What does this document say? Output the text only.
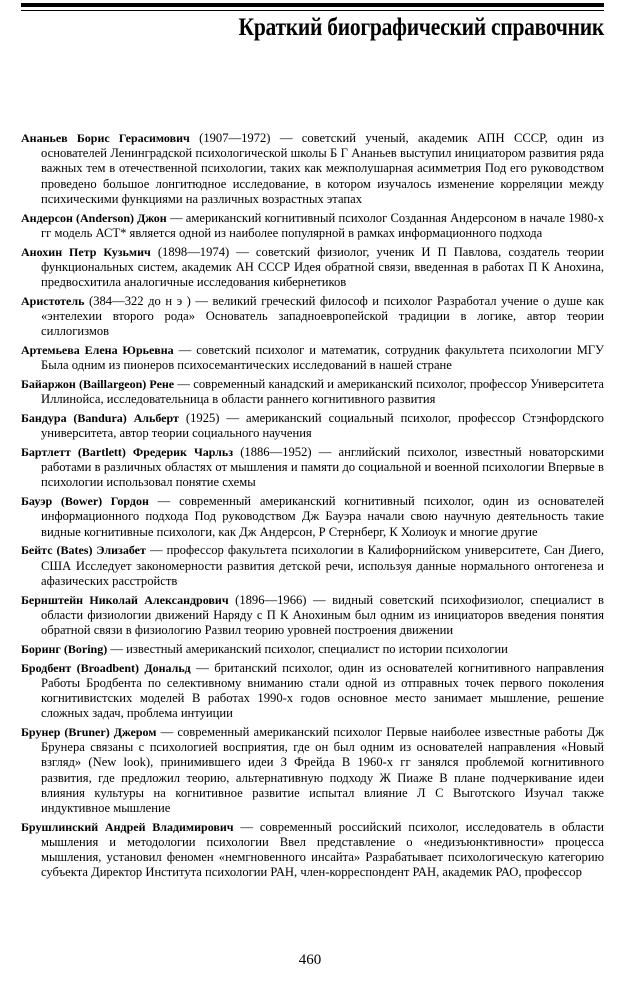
Краткий биографический справочник

Ананьев Борис Герасимович (1907—1972) — советский ученый, академик АПН СССР, один из основателей Ленинградской психологической школы Б Г Ананьев выступил инициатором развития ряда важных тем в отечественной психологии, таких как межполушарная асимметрия Под его руководством проведено большое лонгитюдное исследование, в котором изучалось изменение корреляции между психическими функциями на различных возрастных этапах

Андерсон (Anderson) Джон — американский когнитивный психолог Созданная Андерсоном в начале 1980-х гг модель АСТ* является одной из наиболее популярной в рамках информационного подхода

Анохин Петр Кузьмич (1898—1974) — советский физиолог, ученик И П Павлова, создатель теории функциональных систем, академик АН СССР Идея обратной связи, введенная в работах П К Анохина, предвосхитила аналогичные исследования кибернетиков

Аристотель (384—322 до н э ) — великий греческий философ и психолог Разработал учение о душе как «энтелехии второго рода» Основатель западноевропейской традиции в логике, автор теории силлогизмов

Артемьева Елена Юрьевна — советский психолог и математик, сотрудник факультета психологии МГУ Была одним из пионеров психосемантических исследований в нашей стране

Байаржон (Baillargeon) Рене — современный канадский и американский психолог, профессор Университета Иллинойса, исследовательница в области раннего когнитивного развития

Бандура (Bandura) Альберт (1925) — американский социальный психолог, профессор Стэнфордского университета, автор теории социального научения

Бартлетт (Bartlett) Фредерик Чарльз (1886—1952) — английский психолог, известный новаторскими работами в различных областях от мышления и памяти до социальной и военной психологии Впервые в психологии использовал понятие схемы

Бауэр (Bower) Гордон — современный американский когнитивный психолог, один из основателей информационного подхода Под руководством Дж Бауэра начали свою научную деятельность такие видные когнитивные психологи, как Дж Андерсон, Р Стернберг, К Холиоук и многие другие

Бейтс (Bates) Элизабет — профессор факультета психологии в Калифорнийском университете, Сан Диего, США Исследует закономерности развития детской речи, используя данные нормального онтогенеза и афазических расстройств

Бернштейн Николай Александрович (1896—1966) — видный советский психофизиолог, специалист в области физиологии движений Наряду с П К Анохиным был одним из инициаторов введения понятия обратной связи в физиологию Развил теорию уровней построения движении

Боринг (Boring) — известный американский психолог, специалист по истории психологии

Бродбент (Broadbent) Дональд — британский психолог, один из основателей когнитивного направления Работы Бродбента по селективному вниманию стали одной из отправных точек первого поколения когнитивистских моделей В работах 1990-х годов основное место занимает мышление, решение сложных задач, проблема интуиции

Брунер (Bruner) Джером — современный американский психолог Первые наиболее известные работы Дж Брунера связаны с психологией восприятия, где он был одним из основателей направления «Новый взгляд» (New look), принимившего идеи З Фрейда В 1960-х гг занялся проблемой когнитивного развития, где предложил теорию, альтернативную подходу Ж Пиаже В плане подчеркивание идеи влияния культуры на когнитивное развитие испытал влияние Л С Выготского Изучал также индуктивное мышление

Брушлинский Андрей Владимирович — современный российский психолог, исследователь в области мышления и методологии психологии Ввел представление о «недизъюнктивности» процесса мышления, установил феномен «немгновенного инсайта» Разрабатывает психологическую категорию субъекта Директор Института психологии РАН, член-корреспондент РАН, академик РАО, профессор

460
